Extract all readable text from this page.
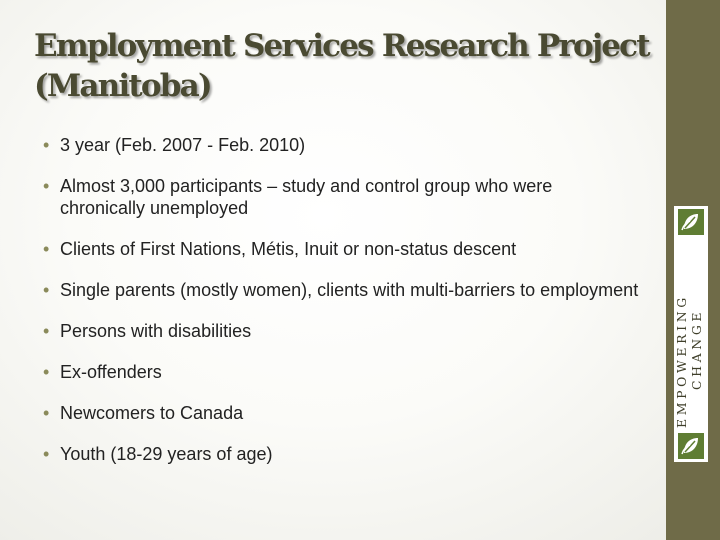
Employment Services Research Project (Manitoba)
• 3 year (Feb. 2007 - Feb. 2010)
• Almost 3,000 participants – study and control group who were chronically unemployed
• Clients of First Nations, Métis, Inuit or non-status descent
• Single parents (mostly women), clients with multi-barriers to employment
• Persons with disabilities
• Ex-offenders
• Newcomers to Canada
• Youth (18-29 years of age)
EMPOWERING CHANGE
